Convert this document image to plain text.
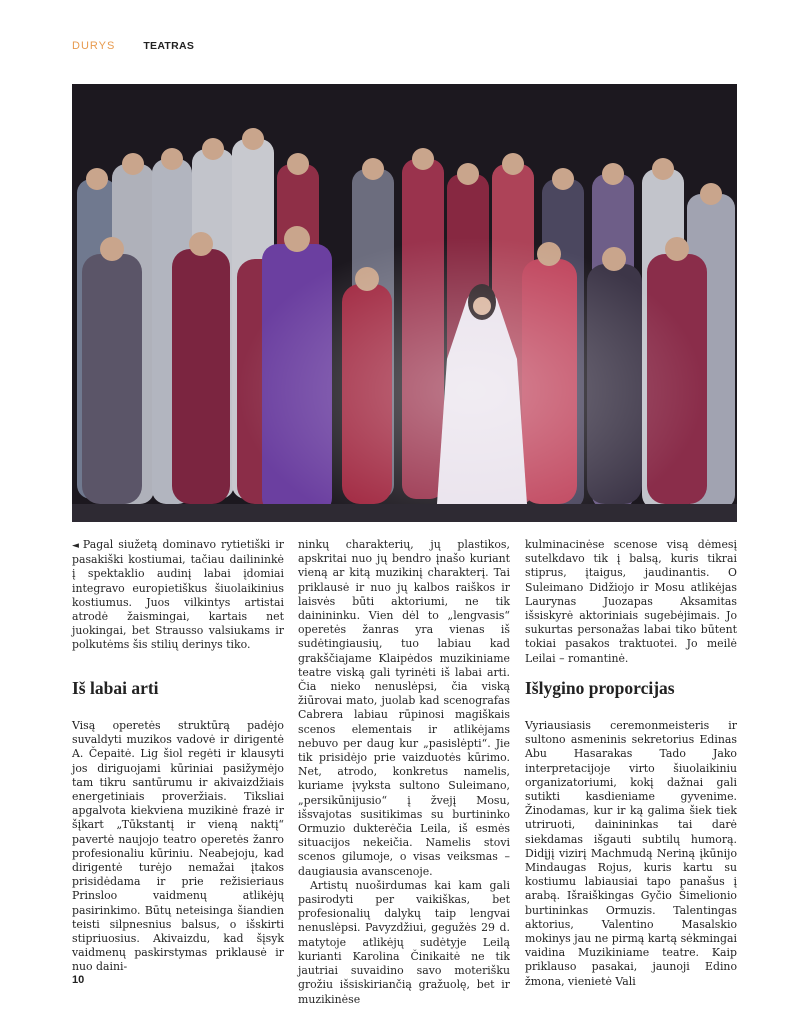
DURYS	TEATRAS

◄ Pagal siužetą dominavo rytietiški ir pasakiški kostiumai, tačiau dailininkė į spektaklio audinį labai įdomiai integravo europietiškus šiuolaikinius kostiumus. Juos vilkintys artistai atrodė žaismingai, kartais net juokingai, bet Strausso valsiukams ir polkutėms šis stilių derinys tiko.

Iš labai arti

Visą operetės struktūrą padėjo suvaldyti muzikos vadovė ir dirigentė A. Čepaitė. Lig šiol regėti ir klausyti jos diriguojami kūriniai pasižymėjo tam tikru santūrumu ir akivaizdžiais energetiniais proveržiais. Tiksliai apgalvota kiekviena muzikinė frazė ir šįkart „Tūkstantį ir vieną naktį“ pavertė naujojo teatro operetės žanro profesionaliu kūriniu. Neabejoju, kad dirigentė turėjo nemažai įtakos prisidėdama ir prie režisieriaus Prinsloo vaidmenų atlikėjų pasirinkimo. Būtų neteisinga šiandien teisti silpnesnius balsus, o išskirti stipriuosius. Akivaizdu, kad šįsyk vaidmenų paskirstymas priklausė ir nuo daini-

ninkų charakterių, jų plastikos, apskritai nuo jų bendro įnašo kuriant vieną ar kitą muzikinį charakterį. Tai priklausė ir nuo jų kalbos raiškos ir laisvės būti aktoriumi, ne tik dainininku. Vien dėl to „lengvasis“ operetės žanras yra vienas iš sudėtingiausių, tuo labiau kad grakščiajame Klaipėdos muzikiniame teatre viską gali tyrinėti iš labai arti. Čia nieko nenuslėpsi, čia viską žiūrovai mato, juolab kad scenografas Cabrera labiau rūpinosi magiškais scenos elementais ir atlikėjams nebuvo per daug kur „pasislėpti“. Jie tik prisidėjo prie vaizduotės kūrimo. Net, atrodo, konkretus namelis, kuriame įvyksta sultono Suleimano, „persikūnijusio“ į žvejį Mosu, išsvajotas susitikimas su burtininko Ormuzio dukterėčia Leila, iš esmės situacijos nekeičia. Namelis stovi scenos gilumoje, o visas veiksmas – daugiausia avanscenoje.

Artistų nuoširdumas kai kam gali pasirodyti per vaikiškas, bet profesionalių dalykų taip lengvai nenuslėpsi. Pavyzdžiui, gegužės 29 d. matytoje atlikėjų sudėtyje Leilą kurianti Karolina Činikaitė ne tik jautriai suvaidino savo moterišku grožiu išsiskiriančią gražuolę, bet ir muzikinėse

kulminacinėse scenose visą dėmesį sutelkdavo tik į balsą, kuris tikrai stiprus, įtaigus, jaudinantis. O Suleimano Didžiojo ir Mosu atlikėjas Laurynas Juozapas Aksamitas išsiskyrė aktoriniais sugebėjimais. Jo sukurtas personažas labai tiko būtent tokiai pasakos traktuotei. Jo meilė Leilai – romantinė.

Išlygino proporcijas

Vyriausiasis ceremonmeisteris ir sultono asmeninis sekretorius Edinas Abu Hasarakas Tado Jako interpretacijoje virto šiuolaikiniu organizatoriumi, kokį dažnai gali sutikti kasdieniame gyvenime. Žinodamas, kur ir ką galima šiek tiek utriruoti, dainininkas tai darė siekdamas išgauti subtilų humorą. Didįjį vizirį Machmudą Neriną įkūnijo Mindaugas Rojus, kuris kartu su kostiumu labiausiai tapo panašus į arabą. Išraiškingas Gyčio Šimelionio burtininkas Ormuzis. Talentingas aktorius, Valentino Masalskio mokinys jau ne pirmą kartą sėkmingai vaidina Muzikiniame teatre. Kaip priklauso pasakai, jaunoji Edino žmona, vienietė Vali

10
